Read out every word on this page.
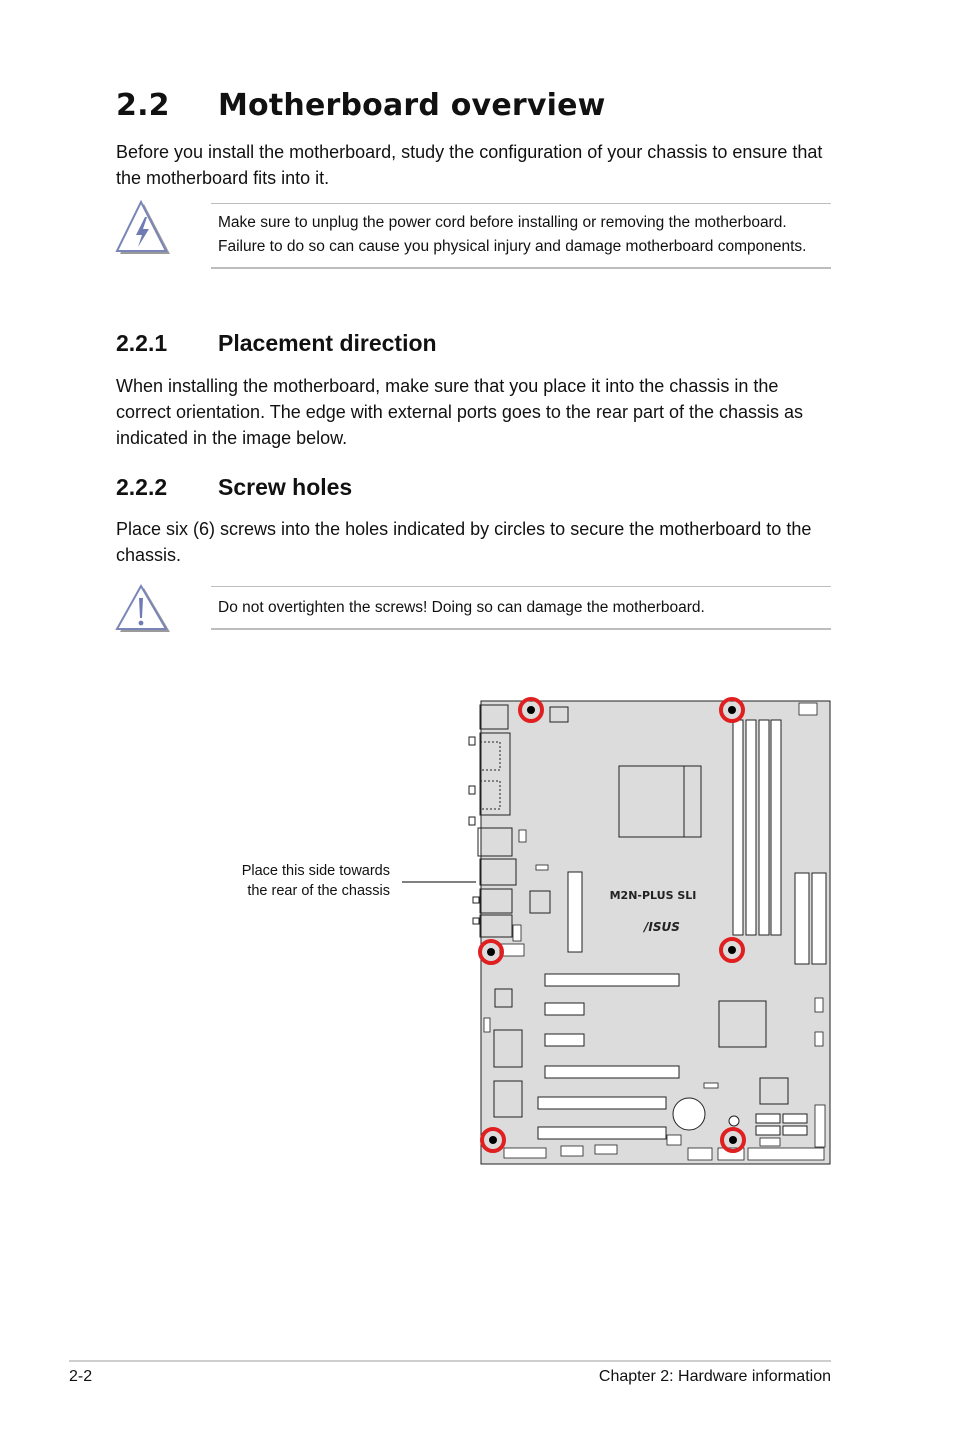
2.2 Motherboard overview
Before you install the motherboard, study the configuration of your chassis to ensure that the motherboard fits into it.
Make sure to unplug the power cord before installing or removing the motherboard. Failure to do so can cause you physical injury and damage motherboard components.
2.2.1 Placement direction
When installing the motherboard, make sure that you place it into the chassis in the correct orientation. The edge with external ports goes to the rear part of the chassis as indicated in the image below.
2.2.2 Screw holes
Place six (6) screws into the holes indicated by circles to secure the motherboard to the chassis.
Do not overtighten the screws! Doing so can damage the motherboard.
Place this side towards
the rear of the chassis	M2N-PLUS SLI
/ISUS
2-2	Chapter 2: Hardware information
